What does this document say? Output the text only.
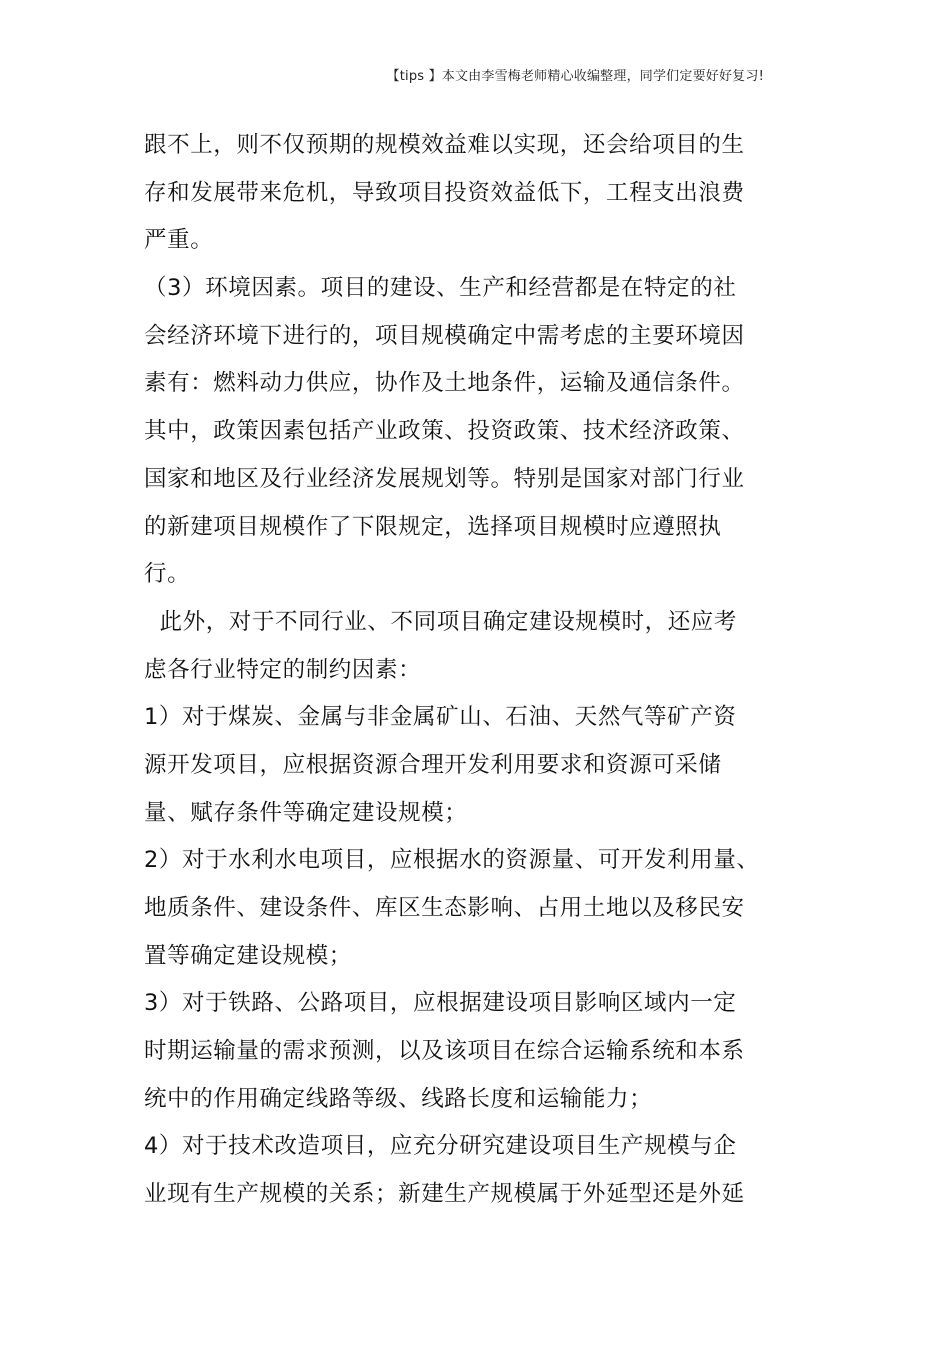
【tips 】本文由李雪梅老师精心收编整理，同学们定要好好复习!
跟不上，则不仅预期的规模效益难以实现，还会给项目的生
存和发展带来危机，导致项目投资效益低下，工程支出浪费
严重。
（3）环境因素。项目的建设、生产和经营都是在特定的社
会经济环境下进行的，项目规模确定中需考虑的主要环境因
素有：燃料动力供应，协作及土地条件，运输及通信条件。
其中，政策因素包括产业政策、投资政策、技术经济政策、
国家和地区及行业经济发展规划等。特别是国家对部门行业
的新建项目规模作了下限规定，选择项目规模时应遵照执
行。
此外，对于不同行业、不同项目确定建设规模时，还应考
虑各行业特定的制约因素：
1）对于煤炭、金属与非金属矿山、石油、天然气等矿产资
源开发项目，应根据资源合理开发利用要求和资源可采储
量、赋存条件等确定建设规模；
2）对于水利水电项目，应根据水的资源量、可开发利用量、
地质条件、建设条件、库区生态影响、占用土地以及移民安
置等确定建设规模；
3）对于铁路、公路项目，应根据建设项目影响区域内一定
时期运输量的需求预测，以及该项目在综合运输系统和本系
统中的作用确定线路等级、线路长度和运输能力；
4）对于技术改造项目，应充分研究建设项目生产规模与企
业现有生产规模的关系；新建生产规模属于外延型还是外延
